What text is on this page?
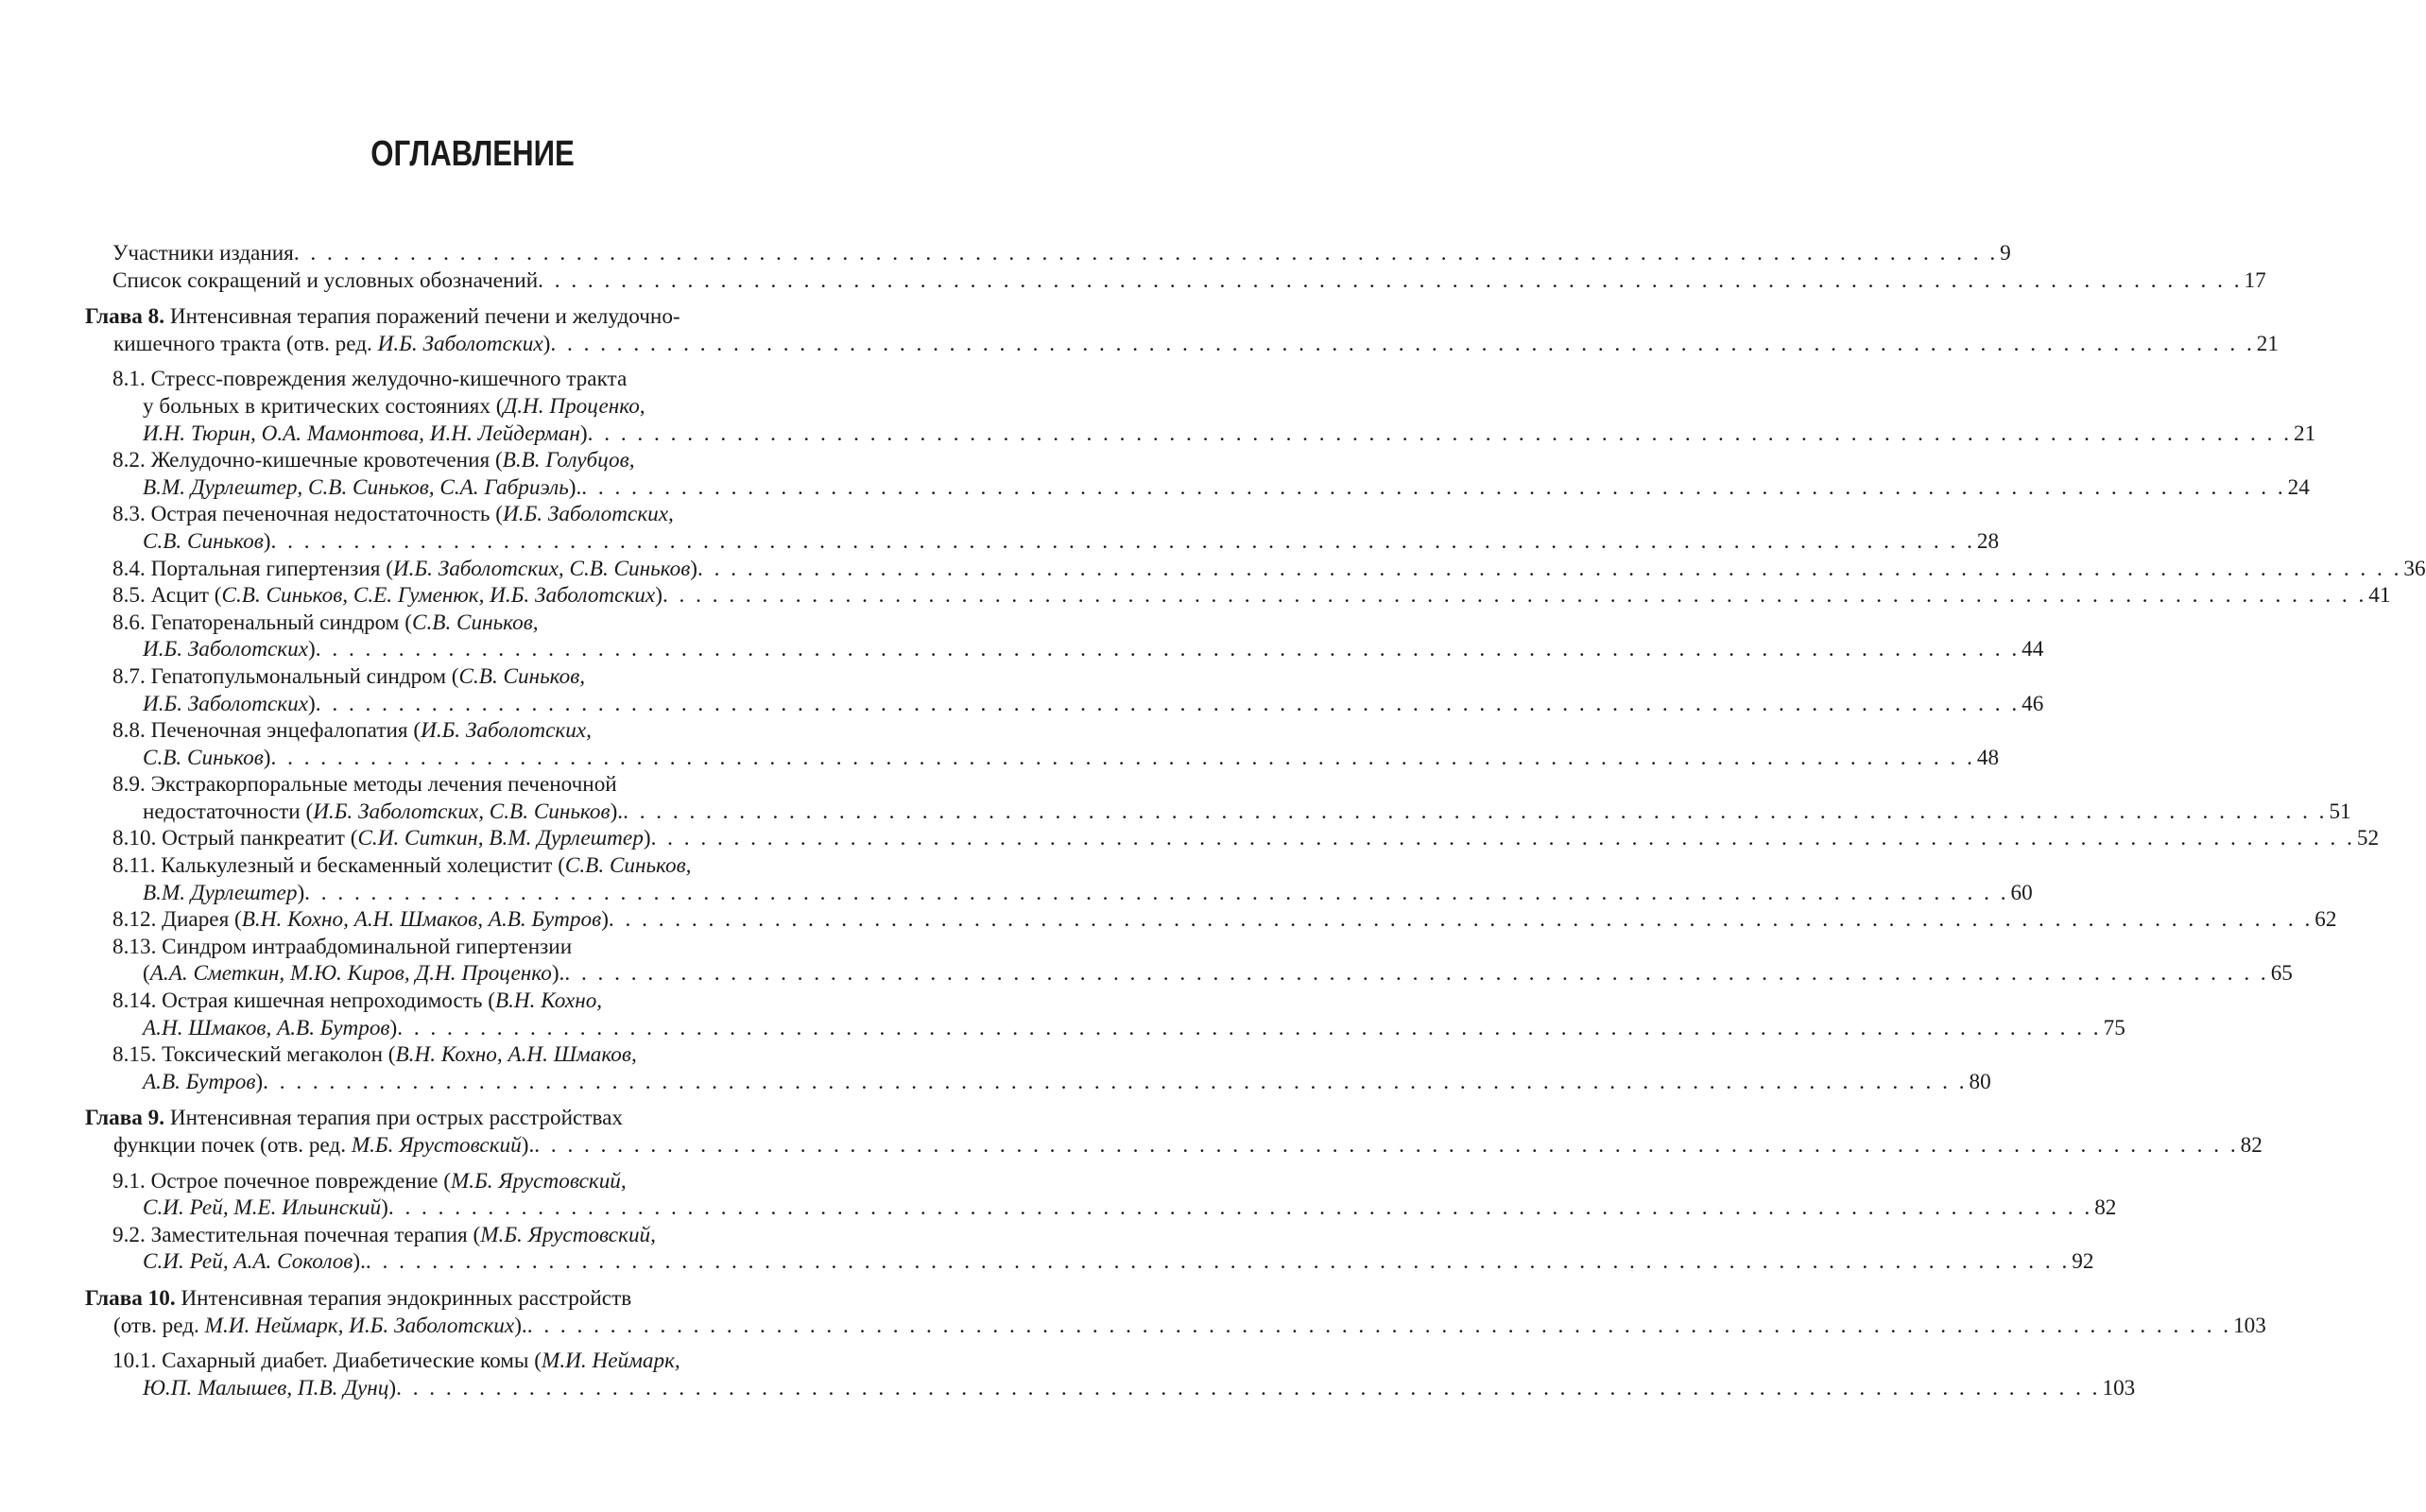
ОГЛАВЛЕНИЕ
Участники издания . . .	9
Список сокращений и условных обозначений . . .	17
Глава 8. Интенсивная терапия поражений печени и желудочно-
кишечного тракта (отв. ред. И.Б. Заболотских) . . .	21
8.1. Стресс-повреждения желудочно-кишечного тракта
у больных в критических состояниях (Д.Н. Проценко,
И.Н. Тюрин, О.А. Мамонтова, И.Н. Лейдерман) . . .	21
8.2. Желудочно-кишечные кровотечения (В.В. Голубцов,
В.М. Дурлештер, С.В. Синьков, С.А. Габриэль). . . .	24
8.3. Острая печеночная недостаточность (И.Б. Заболотских,
С.В. Синьков) . . .	28
8.4. Портальная гипертензия (И.Б. Заболотских, С.В. Синьков) . . .	36
8.5. Асцит (С.В. Синьков, С.Е. Гуменюк, И.Б. Заболотских) . . .	41
8.6. Гепаторенальный синдром (С.В. Синьков,
И.Б. Заболотских) . . .	44
8.7. Гепатопульмональный синдром (С.В. Синьков,
И.Б. Заболотских) . . .	46
8.8. Печеночная энцефалопатия (И.Б. Заболотских,
С.В. Синьков) . . .	48
8.9. Экстракорпоральные методы лечения печеночной
недостаточности (И.Б. Заболотских, С.В. Синьков). . . .	51
8.10. Острый панкреатит (С.И. Ситкин, В.М. Дурлештер) . . .	52
8.11. Калькулезный и бескаменный холецистит (С.В. Синьков,
В.М. Дурлештер) . . .	60
8.12. Диарея (В.Н. Кохно, А.Н. Шмаков, А.В. Бутров) . . .	62
8.13. Синдром интраабдоминальной гипертензии
(А.А. Сметкин, М.Ю. Киров, Д.Н. Проценко). . . .	65
8.14. Острая кишечная непроходимость (В.Н. Кохно,
А.Н. Шмаков, А.В. Бутров) . . .	75
8.15. Токсический мегаколон (В.Н. Кохно, А.Н. Шмаков,
А.В. Бутров) . . .	80
Глава 9. Интенсивная терапия при острых расстройствах
функции почек (отв. ред. М.Б. Ярустовский). . . .	82
9.1. Острое почечное повреждение (М.Б. Ярустовский,
С.И. Рей, М.Е. Ильинский) . . .	82
9.2. Заместительная почечная терапия (М.Б. Ярустовский,
С.И. Рей, А.А. Соколов). . . .	92
Глава 10. Интенсивная терапия эндокринных расстройств
(отв. ред. М.И. Неймарк, И.Б. Заболотских). . . .	103
10.1. Сахарный диабет. Диабетические комы (М.И. Неймарк,
Ю.П. Малышев, П.В. Дунц) . . .	103
